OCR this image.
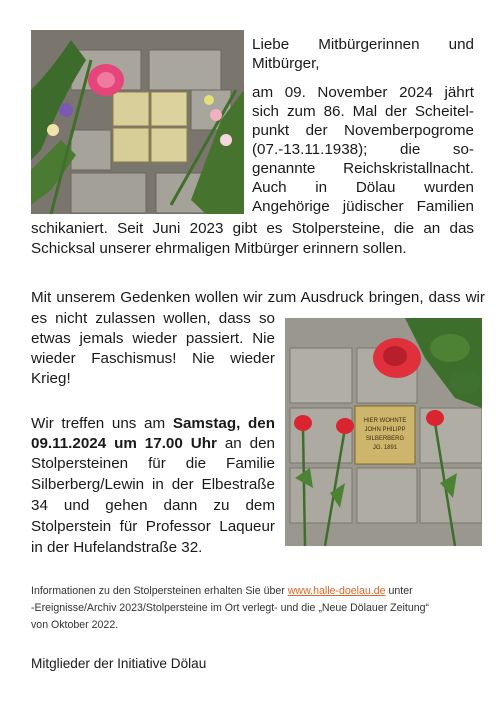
Liebe Mitbürgerinnen und
Mitbürger,
am 09. November 2024 jährt
sich zum 86. Mal der Scheitel-
punkt der Novemberpogrome
(07.-13.11.1938); die so-
genannte Reichskristallnacht.
Auch in Dölau wurden
Angehörige jüdischer Familien
schikaniert. Seit Juni 2023 gibt es Stolpersteine, die an das
Schicksal unserer ehrmaligen Mitbürger erinnern sollen.
Mit unserem Gedenken wollen wir zum Ausdruck bringen, dass wir
es nicht zulassen wollen, dass so
etwas jemals wieder passiert. Nie
wieder Faschismus! Nie wieder
Krieg!
Wir treffen uns am Samstag, den
09.11.2024 um 17.00 Uhr an den
Stolpersteinen für die Familie
Silberberg/Lewin in der Elbestraße
34 und gehen dann zu dem
Stolperstein für Professor Laqueur
in der Hufelandstraße 32.
HIER WOHNTE
JOHN PHILIPP
SILBERBERG
JG. 1891
Informationen zu den Stolpersteinen erhalten Sie über www.halle-doelau.de unter
-Ereignisse/Archiv 2023/Stolpersteine im Ort verlegt- und die „Neue Dölauer Zeitung“
von Oktober 2022.
Mitglieder der Initiative Dölau
